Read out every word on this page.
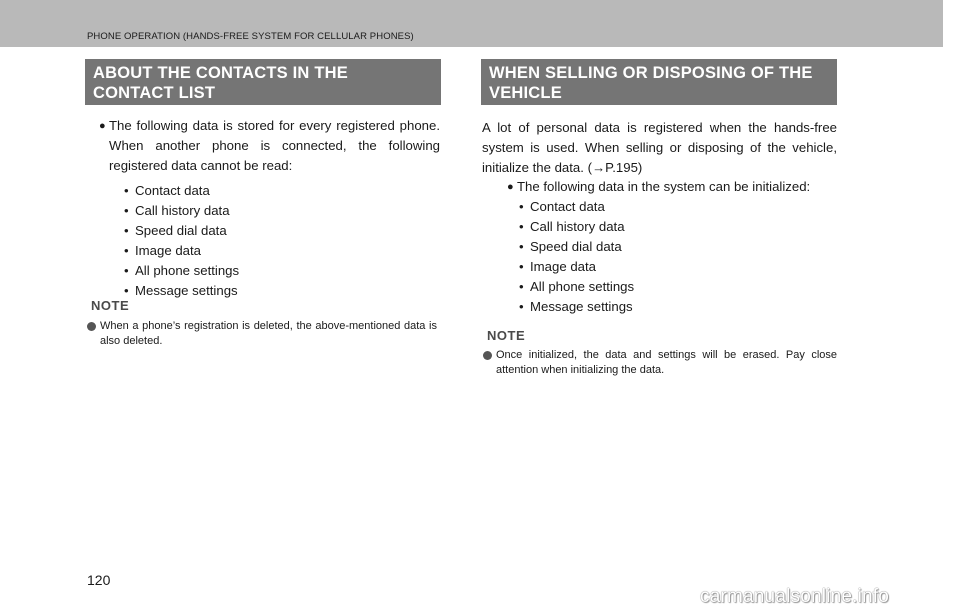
PHONE OPERATION (HANDS-FREE SYSTEM FOR CELLULAR PHONES)
ABOUT THE CONTACTS IN THE CONTACT LIST
● The following data is stored for every registered phone. When another phone is connected, the following registered data cannot be read:
• Contact data
• Call history data
• Speed dial data
• Image data
• All phone settings
• Message settings
NOTE
When a phone’s registration is deleted, the above-mentioned data is also deleted.
WHEN SELLING OR DISPOSING OF THE VEHICLE
A lot of personal data is registered when the hands-free system is used. When selling or disposing of the vehicle, initialize the data. (→P.195)
● The following data in the system can be initialized:
• Contact data
• Call history data
• Speed dial data
• Image data
• All phone settings
• Message settings
NOTE
Once initialized, the data and settings will be erased. Pay close attention when initializing the data.
120
carmanualsonline.info
